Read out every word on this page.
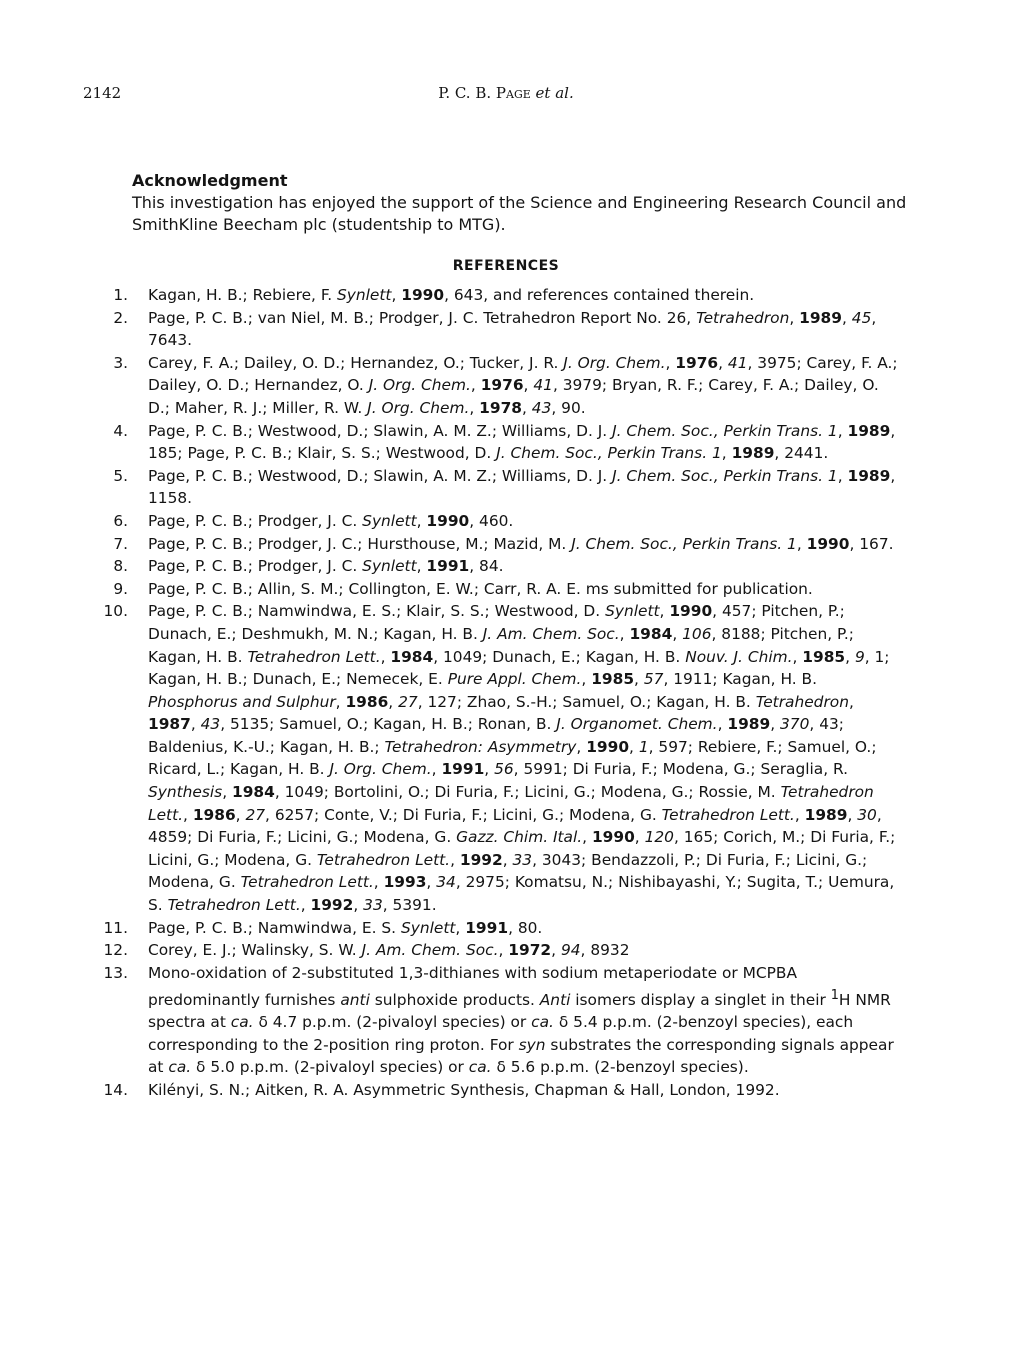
2142	P. C. B. Page et al.
Acknowledgment
This investigation has enjoyed the support of the Science and Engineering Research Council and SmithKline Beecham plc (studentship to MTG).
REFERENCES
1.	Kagan, H. B.; Rebiere, F. Synlett, 1990, 643, and references contained therein.
2.	Page, P. C. B.; van Niel, M. B.; Prodger, J. C. Tetrahedron Report No. 26, Tetrahedron, 1989, 45, 7643.
3.	Carey, F. A.; Dailey, O. D.; Hernandez, O.; Tucker, J. R. J. Org. Chem., 1976, 41, 3975; Carey, F. A.; Dailey, O. D.; Hernandez, O. J. Org. Chem., 1976, 41, 3979; Bryan, R. F.; Carey, F. A.; Dailey, O. D.; Maher, R. J.; Miller, R. W. J. Org. Chem., 1978, 43, 90.
4.	Page, P. C. B.; Westwood, D.; Slawin, A. M. Z.; Williams, D. J. J. Chem. Soc., Perkin Trans. 1, 1989, 185; Page, P. C. B.; Klair, S. S.; Westwood, D. J. Chem. Soc., Perkin Trans. 1, 1989, 2441.
5.	Page, P. C. B.; Westwood, D.; Slawin, A. M. Z.; Williams, D. J. J. Chem. Soc., Perkin Trans. 1, 1989, 1158.
6.	Page, P. C. B.; Prodger, J. C. Synlett, 1990, 460.
7.	Page, P. C. B.; Prodger, J. C.; Hursthouse, M.; Mazid, M. J. Chem. Soc., Perkin Trans. 1, 1990, 167.
8.	Page, P. C. B.; Prodger, J. C. Synlett, 1991, 84.
9.	Page, P. C. B.; Allin, S. M.; Collington, E. W.; Carr, R. A. E. ms submitted for publication.
10.	Page, P. C. B.; Namwindwa, E. S.; Klair, S. S.; Westwood, D. Synlett, 1990, 457; Pitchen, P.; Dunach, E.; Deshmukh, M. N.; Kagan, H. B. J. Am. Chem. Soc., 1984, 106, 8188; Pitchen, P.; Kagan, H. B. Tetrahedron Lett., 1984, 1049; Dunach, E.; Kagan, H. B. Nouv. J. Chim., 1985, 9, 1; Kagan, H. B.; Dunach, E.; Nemecek, E. Pure Appl. Chem., 1985, 57, 1911; Kagan, H. B. Phosphorus and Sulphur, 1986, 27, 127; Zhao, S.-H.; Samuel, O.; Kagan, H. B. Tetrahedron, 1987, 43, 5135; Samuel, O.; Kagan, H. B.; Ronan, B. J. Organomet. Chem., 1989, 370, 43; Baldenius, K.-U.; Kagan, H. B.; Tetrahedron: Asymmetry, 1990, 1, 597; Rebiere, F.; Samuel, O.; Ricard, L.; Kagan, H. B. J. Org. Chem., 1991, 56, 5991; Di Furia, F.; Modena, G.; Seraglia, R. Synthesis, 1984, 1049; Bortolini, O.; Di Furia, F.; Licini, G.; Modena, G.; Rossie, M. Tetrahedron Lett., 1986, 27, 6257; Conte, V.; Di Furia, F.; Licini, G.; Modena, G. Tetrahedron Lett., 1989, 30, 4859; Di Furia, F.; Licini, G.; Modena, G. Gazz. Chim. Ital., 1990, 120, 165; Corich, M.; Di Furia, F.; Licini, G.; Modena, G. Tetrahedron Lett., 1992, 33, 3043; Bendazzoli, P.; Di Furia, F.; Licini, G.; Modena, G. Tetrahedron Lett., 1993, 34, 2975; Komatsu, N.; Nishibayashi, Y.; Sugita, T.; Uemura, S. Tetrahedron Lett., 1992, 33, 5391.
11.	Page, P. C. B.; Namwindwa, E. S. Synlett, 1991, 80.
12.	Corey, E. J.; Walinsky, S. W. J. Am. Chem. Soc., 1972, 94, 8932
13.	Mono-oxidation of 2-substituted 1,3-dithianes with sodium metaperiodate or MCPBA predominantly furnishes anti sulphoxide products. Anti isomers display a singlet in their $^1$H NMR spectra at ca. δ 4.7 p.p.m. (2-pivaloyl species) or ca. δ 5.4 p.p.m. (2-benzoyl species), each corresponding to the 2-position ring proton. For syn substrates the corresponding signals appear at ca. δ 5.0 p.p.m. (2-pivaloyl species) or ca. δ 5.6 p.p.m. (2-benzoyl species).
14.	Kilényi, S. N.; Aitken, R. A. Asymmetric Synthesis, Chapman & Hall, London, 1992.
